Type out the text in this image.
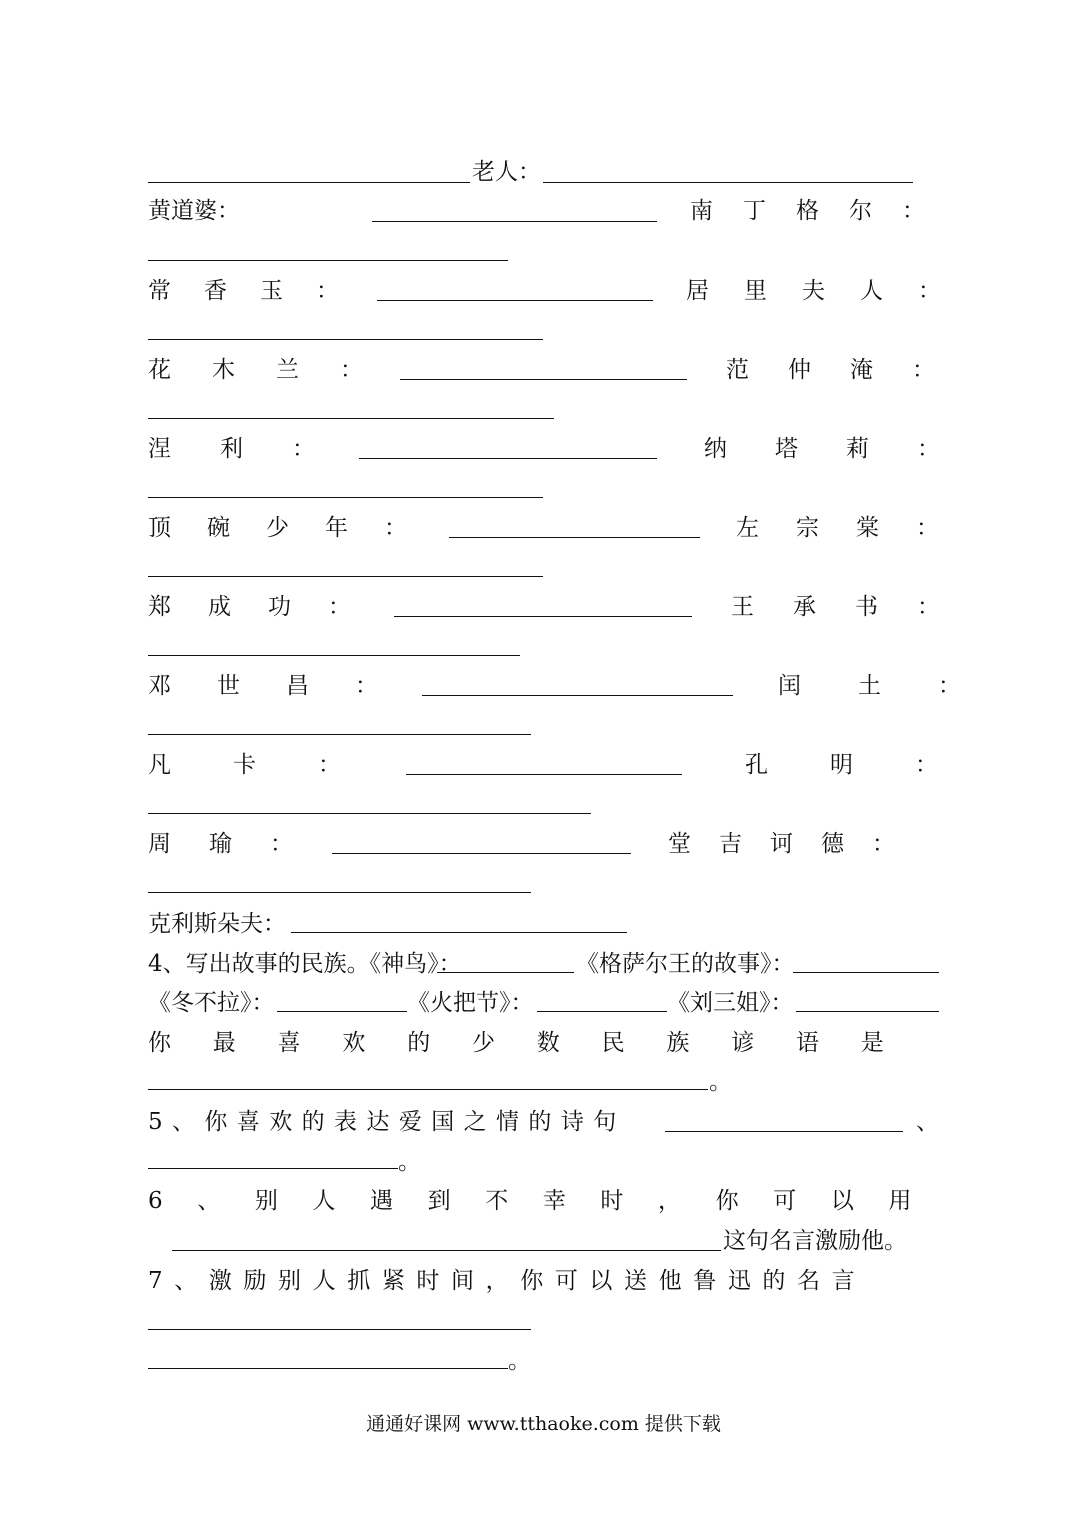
老人：
黄道婆：	南丁格尔：
常香玉：	居里夫人：
花木兰：	范仲淹：
涅利：	纳塔莉：
顶碗少年：	左宗棠：
郑成功：	王承书：
邓世昌：	闰土：
凡卡：	孔明：
周瑜：	堂吉诃德：
克利斯朵夫：
4、写出故事的民族。《神鸟》：	《格萨尔王的故事》：
《冬不拉》：	《火把节》：	《刘三姐》：
你最喜欢的少数民族谚语是
。
5、你喜欢的表达爱国之情的诗句	、
。
6、别人遇到不幸时，你可以用
这句名言激励他。
7、激励别人抓紧时间，你可以送他鲁迅的名言
。
通通好课网 www.tthaoke.com 提供下载
